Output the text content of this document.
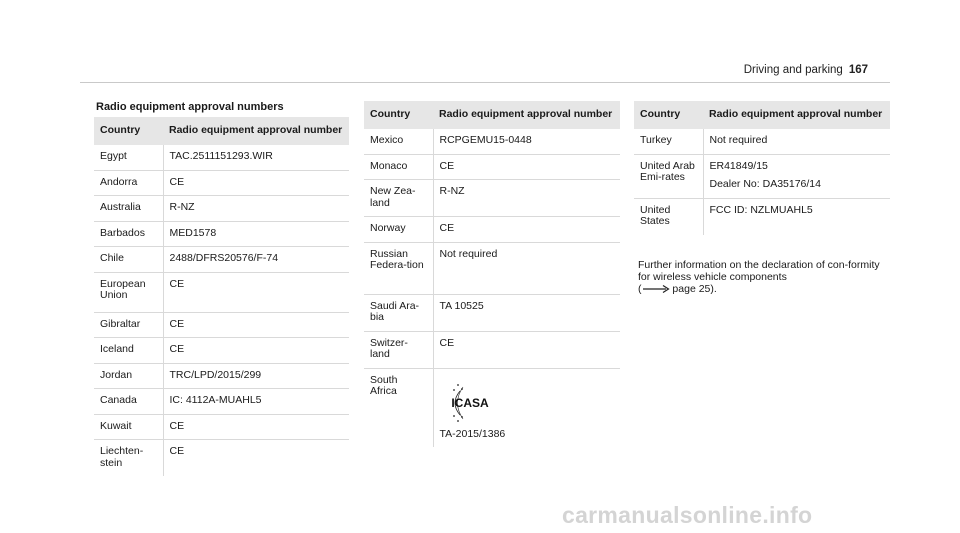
Driving and parking 167
Radio equipment approval numbers
Country	Radio equipment approval number
Egypt	TAC.2511151293.WIR
Andorra	CE
Australia	R-NZ
Barbados	MED1578
Chile	2488/DFRS20576/F-74
European Union	CE
Gibraltar	CE
Iceland	CE
Jordan	TRC/LPD/2015/299
Canada	IC: 4112A-MUAHL5
Kuwait	CE
Liechten-stein	CE
Country	Radio equipment approval number
Mexico	RCPGEMU15-0448
Monaco	CE
New Zea-land	R-NZ
Norway	CE
Russian Federa-tion	Not required
Saudi Ara-bia	TA 10525
Switzer-land	CE
South Africa	ICASA
TA-2015/1386
Country	Radio equipment approval number
Turkey	Not required
United Arab Emi-rates	ER41849/15
Dealer No: DA35176/14

United States	FCC ID: NZLMUAHL5
Further information on the declaration of con-formity for wireless vehicle components
(	page 25).
carmanualsonline.info
